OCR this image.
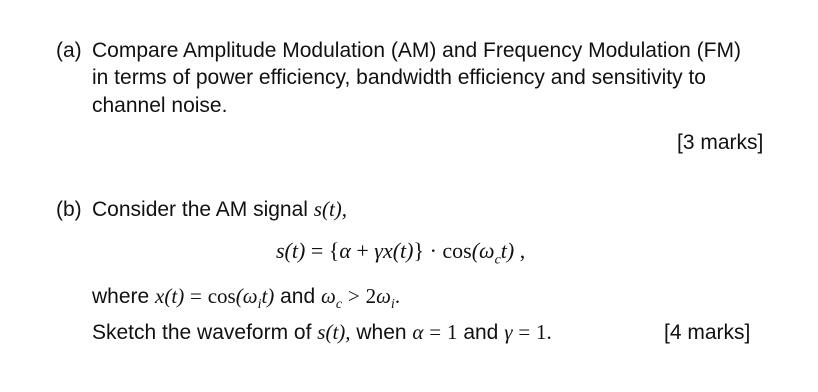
(a) Compare Amplitude Modulation (AM) and Frequency Modulation (FM)
in terms of power efficiency, bandwidth efficiency and sensitivity to
channel noise.
[3 marks]
(b) Consider the AM signal s(t),
$s(t) = \{\alpha + \gamma x(t)\} \cdot \cos(\omega_ct)$ ,
where $x(t) = \cos(\omega_it)$ and $\omega_c > 2\omega_i$.
Sketch the waveform of s(t), when α = 1 and γ = 1.	[4 marks]
